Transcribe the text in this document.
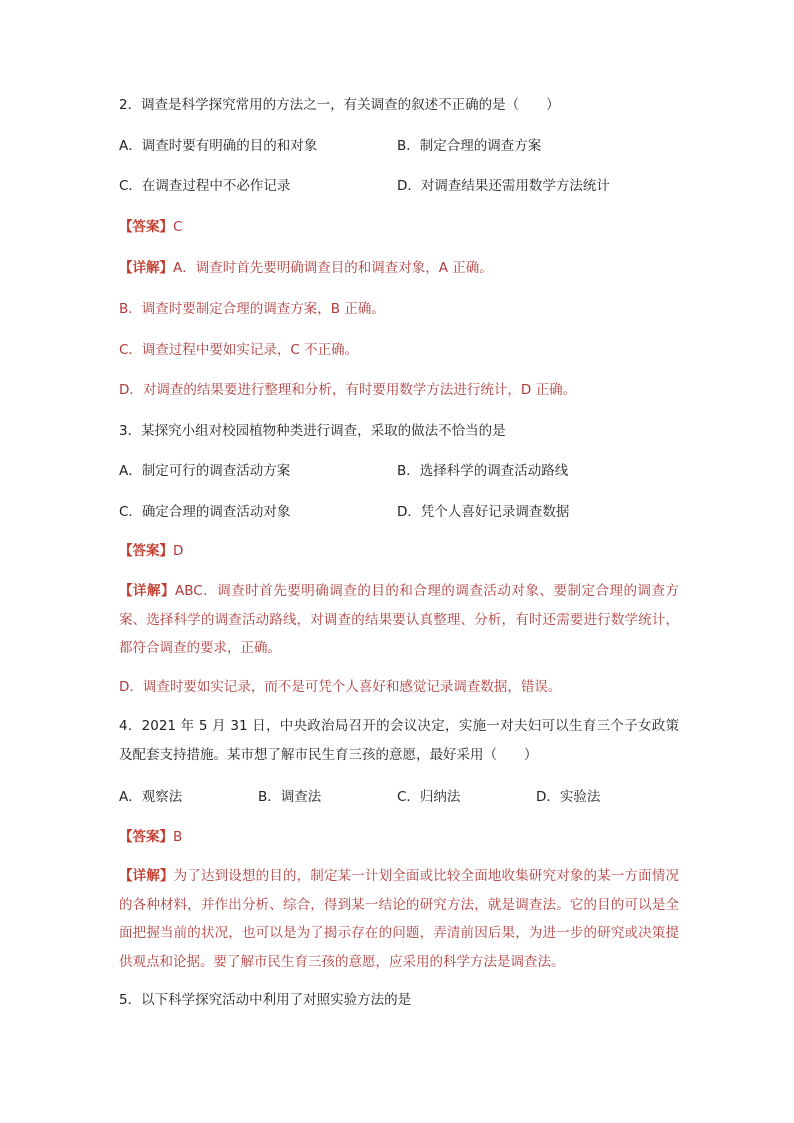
2．调查是科学探究常用的方法之一，有关调查的叙述不正确的是（　　）
A．调查时要有明确的目的和对象	B．制定合理的调查方案
C．在调查过程中不必作记录	D．对调查结果还需用数学方法统计
【答案】C
【详解】A．调查时首先要明确调查目的和调查对象，A 正确。
B．调查时要制定合理的调查方案，B 正确。
C．调查过程中要如实记录，C 不正确。
D．对调查的结果要进行整理和分析，有时要用数学方法进行统计，D 正确。
3．某探究小组对校园植物种类进行调查，采取的做法不恰当的是
A．制定可行的调查活动方案	B．选择科学的调查活动路线
C．确定合理的调查活动对象	D．凭个人喜好记录调查数据
【答案】D
【详解】ABC．调查时首先要明确调查的目的和合理的调查活动对象、要制定合理的调查方案、选择科学的调查活动路线，对调查的结果要认真整理、分析，有时还需要进行数学统计，都符合调查的要求，正确。
D．调查时要如实记录，而不是可凭个人喜好和感觉记录调查数据，错误。
4．2021 年 5 月 31 日，中央政治局召开的会议决定，实施一对夫妇可以生育三个子女政策及配套支持措施。某市想了解市民生育三孩的意愿，最好采用（　　）
A．观察法	B．调查法	C．归纳法	D．实验法
【答案】B
【详解】为了达到设想的目的，制定某一计划全面或比较全面地收集研究对象的某一方面情况的各种材料，并作出分析、综合，得到某一结论的研究方法，就是调查法。它的目的可以是全面把握当前的状况，也可以是为了揭示存在的问题，弄清前因后果，为进一步的研究或决策提供观点和论据。要了解市民生育三孩的意愿，应采用的科学方法是调查法。
5．以下科学探究活动中利用了对照实验方法的是
